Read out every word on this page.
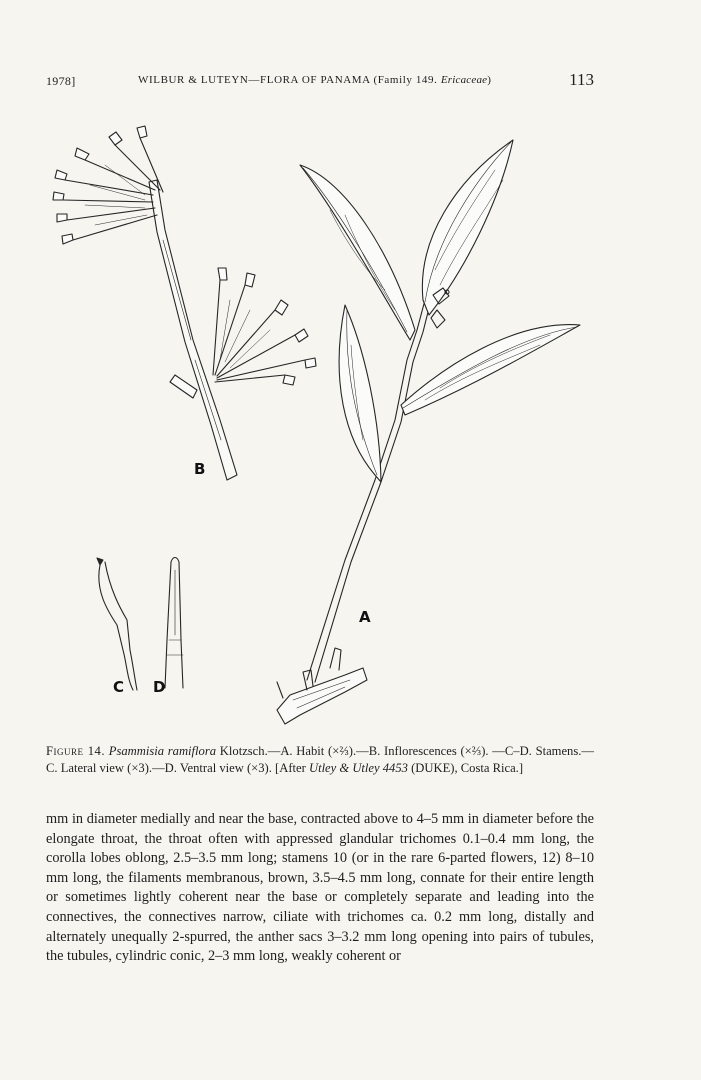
1978]	WILBUR & LUTEYN—FLORA OF PANAMA (Family 149. Ericaceae)	113
B
A
C D
Figure 14. Psammisia ramiflora Klotzsch.—A. Habit (×⅔).—B. Inflorescences (×⅔). —C–D. Stamens.—C. Lateral view (×3).—D. Ventral view (×3). [After Utley & Utley 4453 (DUKE), Costa Rica.]
mm in diameter medially and near the base, contracted above to 4–5 mm in diameter before the elongate throat, the throat often with appressed glandular trichomes 0.1–0.4 mm long, the corolla lobes oblong, 2.5–3.5 mm long; stamens 10 (or in the rare 6-parted flowers, 12) 8–10 mm long, the filaments membranous, brown, 3.5–4.5 mm long, connate for their entire length or sometimes lightly coherent near the base or completely separate and leading into the connectives, the connectives narrow, ciliate with trichomes ca. 0.2 mm long, distally and alternately unequally 2-spurred, the anther sacs 3–3.2 mm long opening into pairs of tubules, the tubules, cylindric conic, 2–3 mm long, weakly coherent or
